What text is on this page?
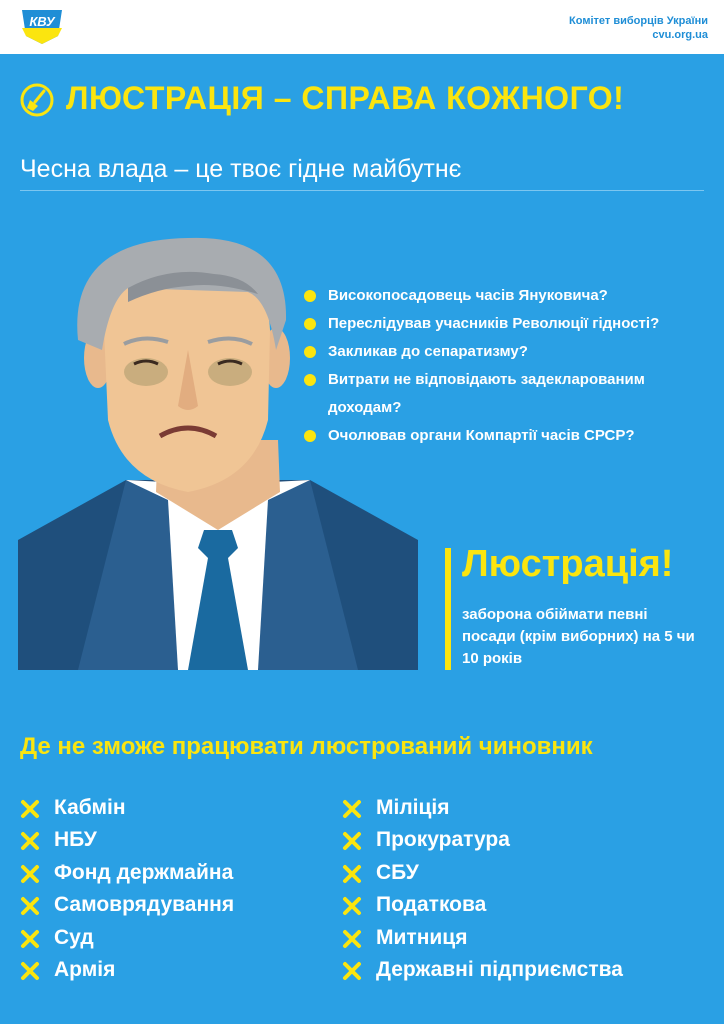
КВУ	Комітет виборців України
cvu.org.ua
ЛЮСТРАЦІЯ – СПРАВА КОЖНОГО!
Чесна влада – це твоє гідне майбутнє
Високопосадовець часів Януковича?
Переслідував учасників Революції гідності?
Закликав до сепаратизму?
Витрати не відповідають задекларованим доходам?
Очолював органи Компартії часів СРСР?
Люстрація!
заборона обіймати певні посади (крім виборних) на 5 чи 10 років
Де не зможе працювати люстрований чиновник
Кабмін
НБУ
Фонд держмайна
Самоврядування
Суд
Армія
Міліція
Прокуратура
СБУ
Податкова
Митниця
Державні підприємства
